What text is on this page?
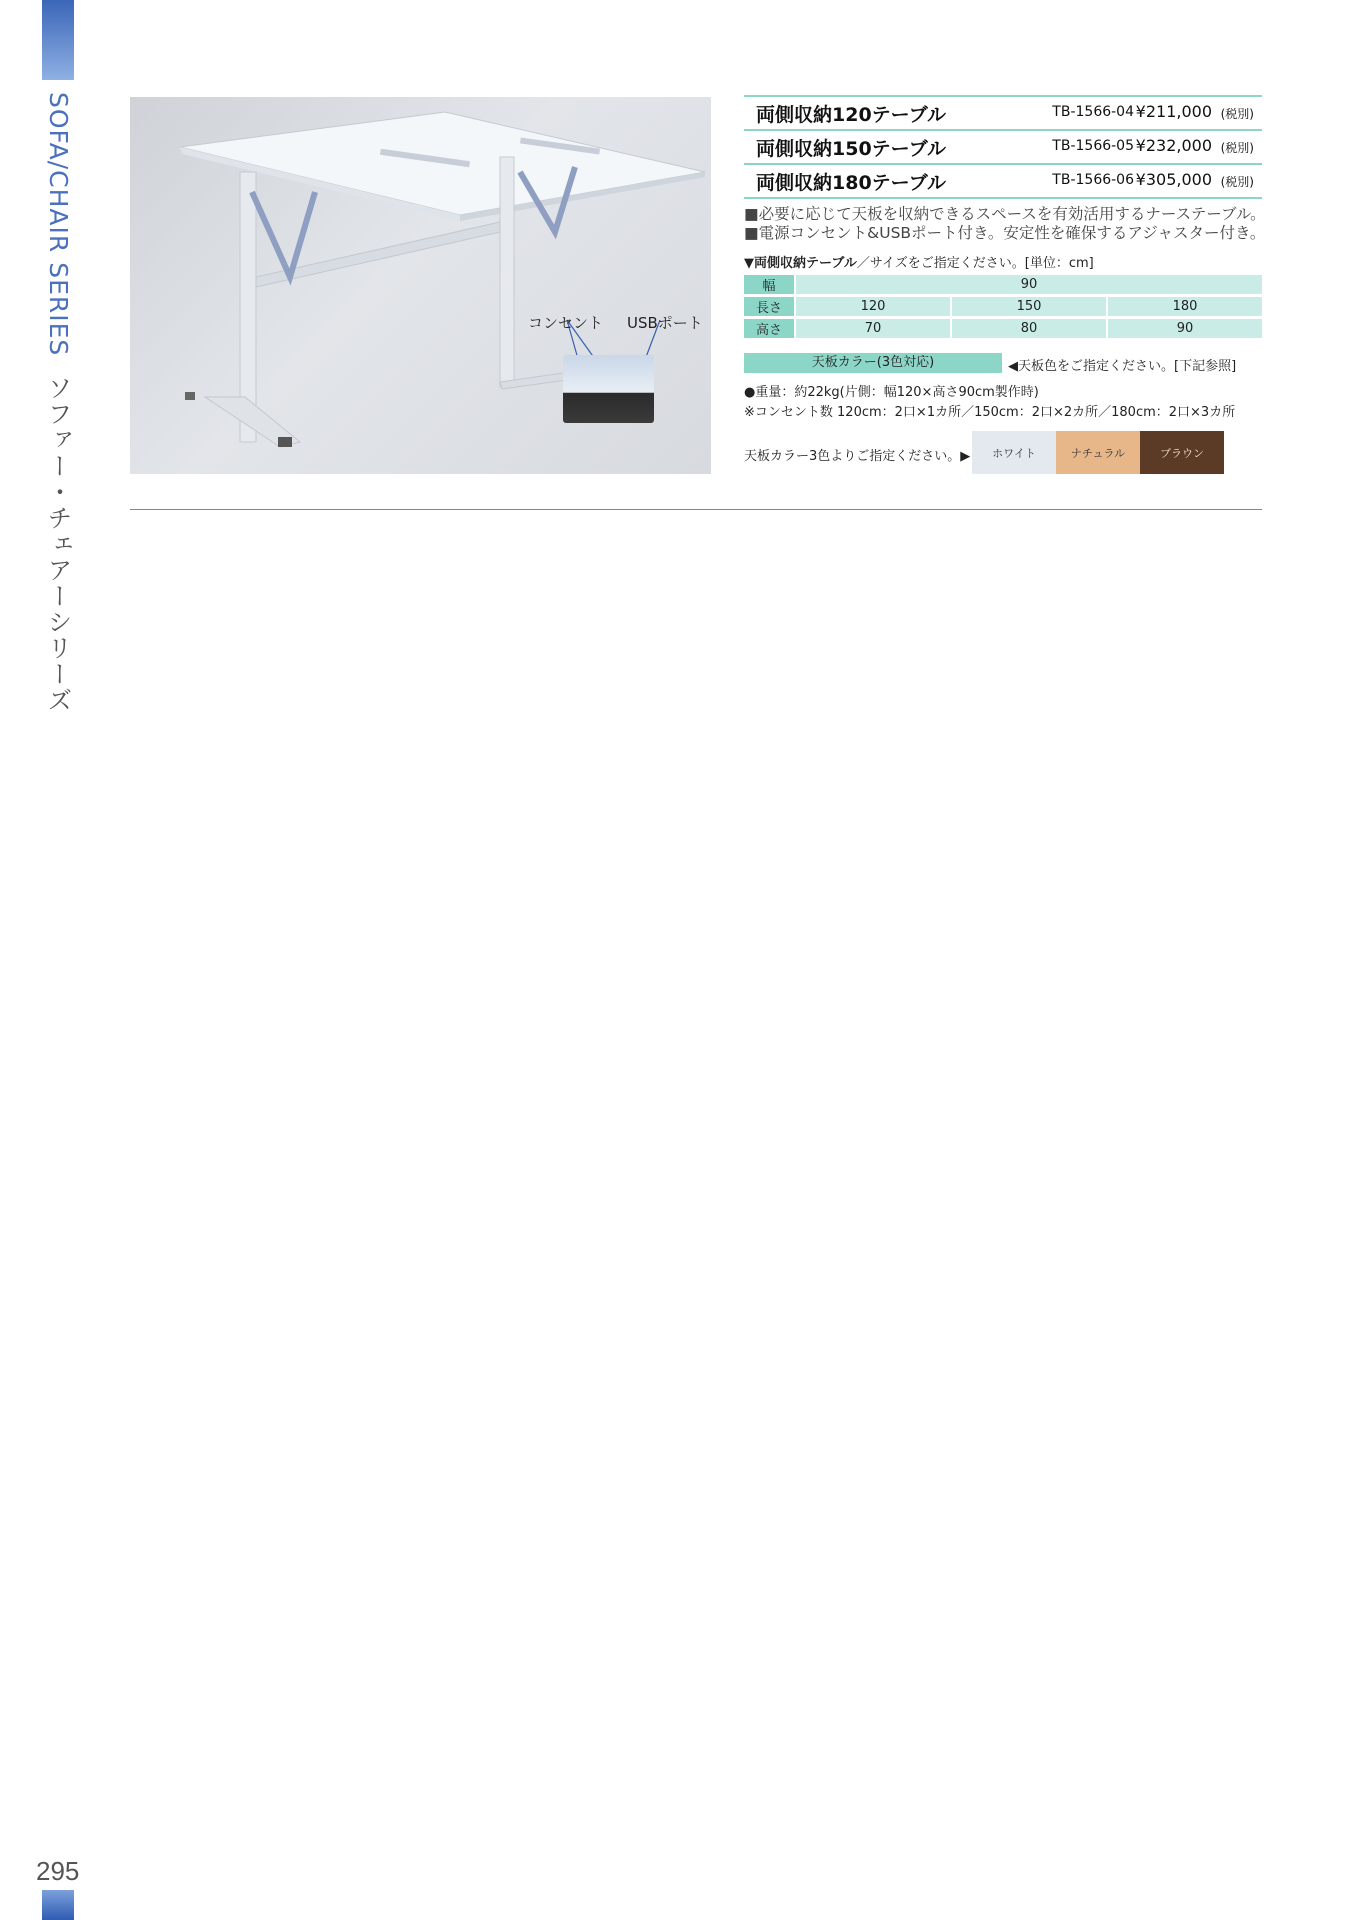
SOFA/CHAIR SERIES ソファー・チェアーシリーズ
295
コンセント USBポート
両側収納120テーブル	TB-1566-04 ¥211,000 (税別)
両側収納150テーブル	TB-1566-05 ¥232,000 (税別)
両側収納180テーブル	TB-1566-06 ¥305,000 (税別)
■必要に応じて天板を収納できるスペースを有効活用するナーステーブル。
■電源コンセント&USBポート付き。安定性を確保するアジャスター付き。
▼両側収納テーブル／サイズをご指定ください。[単位：cm]
幅		90				
長さ		120		150		180
高さ		70		80		90
天板カラー(3色対応)	◀天板色をご指定ください。[下記参照]
●重量：約22kg(片側：幅120×高さ90cm製作時)
※コンセント数 120cm：2口×1カ所／150cm：2口×2カ所／180cm：2口×3カ所
天板カラー3色よりご指定ください。▶	ホワイト	ナチュラル	ブラウン
